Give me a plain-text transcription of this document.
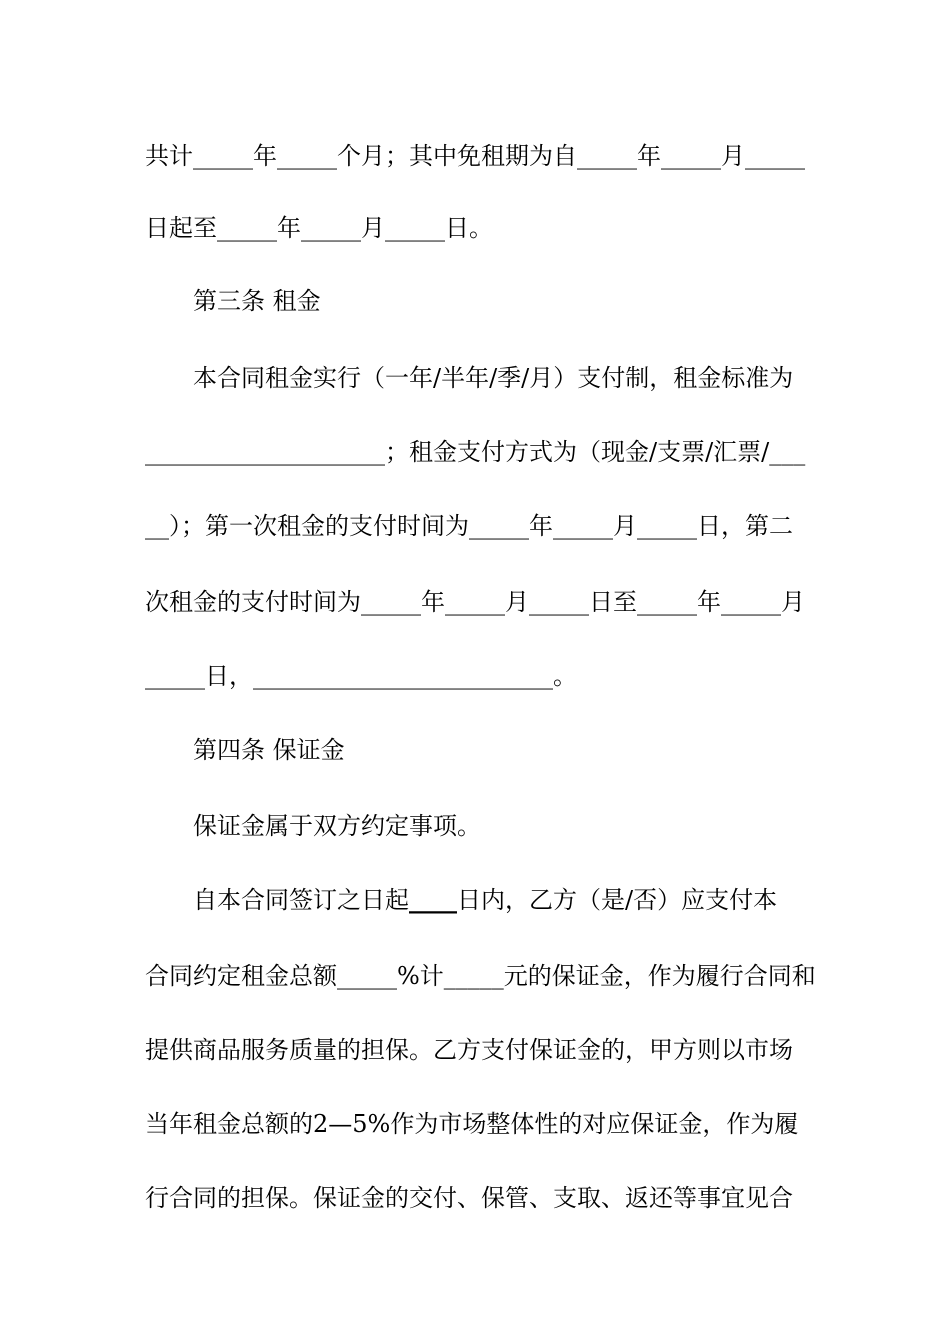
共计_____年_____个月；其中免租期为自_____年_____月_____
日起至_____年_____月_____日。
第三条 租金
本合同租金实行（一年/半年/季/月）支付制，租金标准为
____________________；租金支付方式为（现金/支票/汇票/___
__）；第一次租金的支付时间为_____年_____月_____日，第二
次租金的支付时间为_____年_____月_____日至_____年_____月
_____日，_________________________。
第四条 保证金
保证金属于双方约定事项。
自本合同签订之日起____日内，乙方（是/否）应支付本
合同约定租金总额_____%计_____元的保证金，作为履行合同和
提供商品服务质量的担保。乙方支付保证金的，甲方则以市场
当年租金总额的2—5%作为市场整体性的对应保证金，作为履
行合同的担保。保证金的交付、保管、支取、返还等事宜见合
